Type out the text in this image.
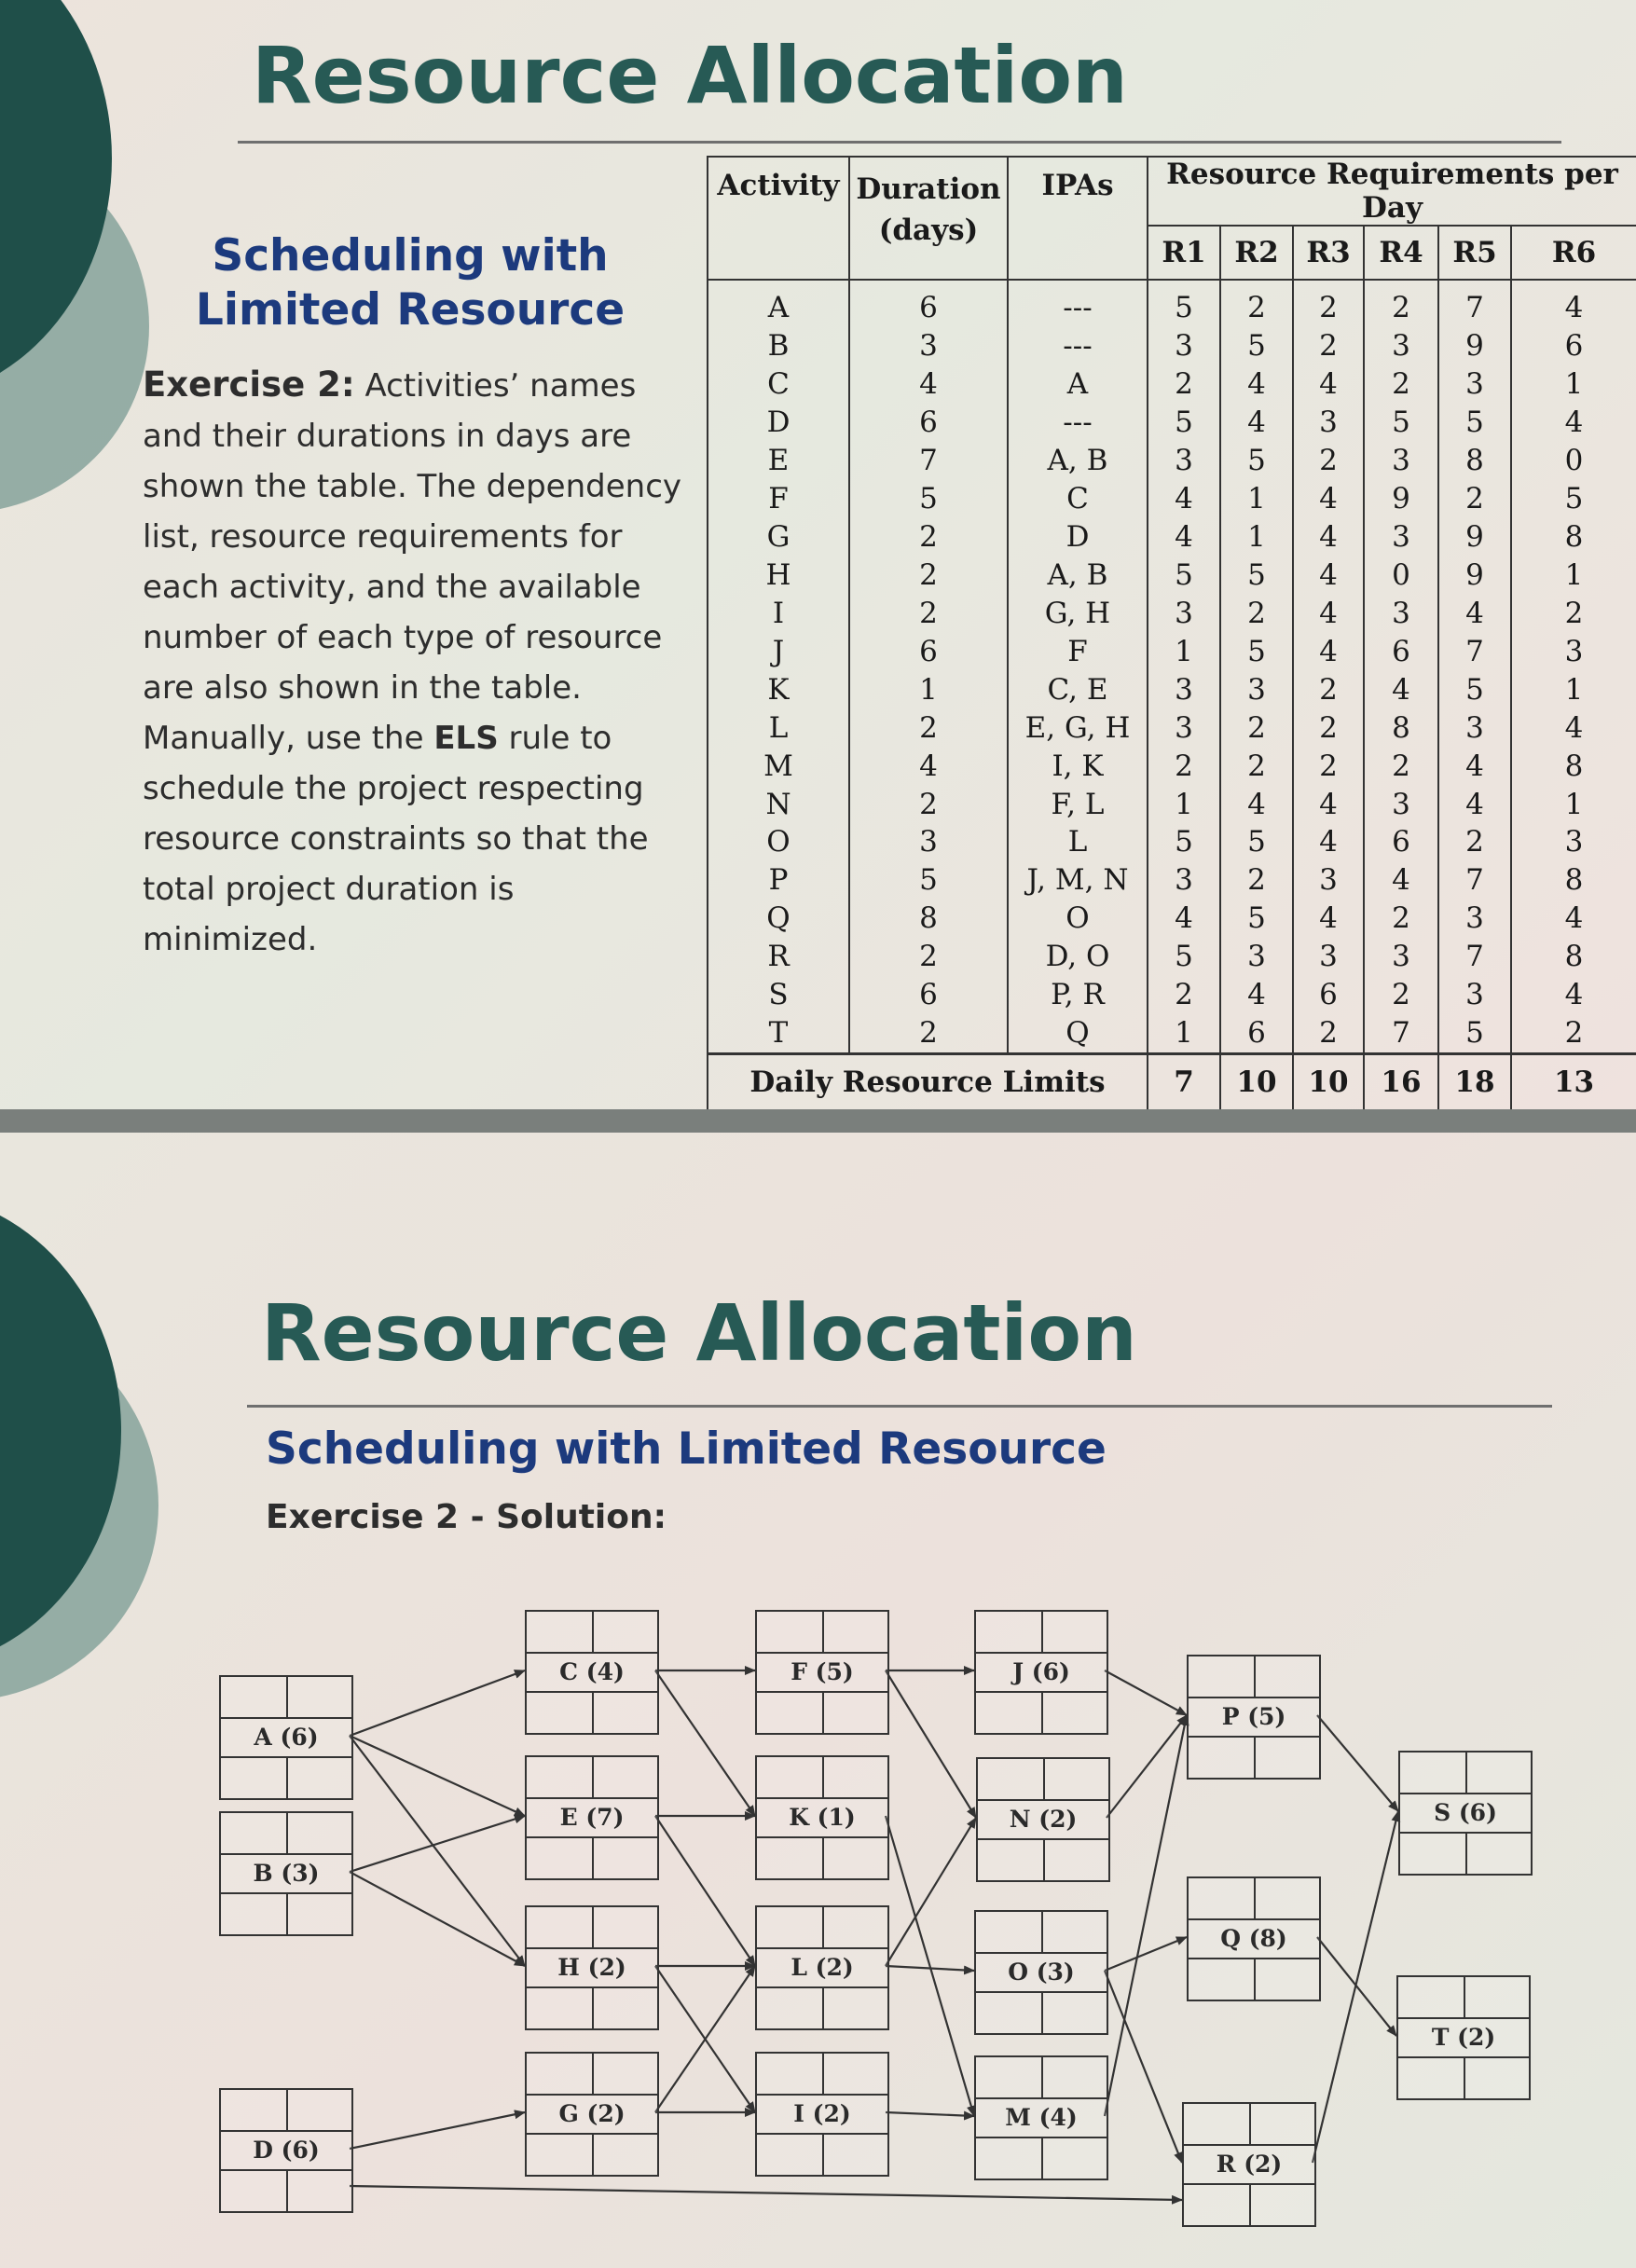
Resource Allocation
Scheduling with
Limited Resource
Exercise 2: Activities’ names and their durations in days are shown the table. The dependency list, resource requirements for each activity, and the available number of each type of resource are also shown in the table. Manually, use the ELS rule to schedule the project respecting resource constraints so that the total project duration is minimized.
Activity	Duration (days)	IPAs	Resource Requirements per Day					
			R1	R2	R3	R4	R5	R6
A	6	---	5	2	2	2	7	4
B	3	---	3	5	2	3	9	6
C	4	A	2	4	4	2	3	1
D	6	---	5	4	3	5	5	4
E	7	A, B	3	5	2	3	8	0
F	5	C	4	1	4	9	2	5
G	2	D	4	1	4	3	9	8
H	2	A, B	5	5	4	0	9	1
I	2	G, H	3	2	4	3	4	2
J	6	F	1	5	4	6	7	3
K	1	C, E	3	3	2	4	5	1
L	2	E, G, H	3	2	2	8	3	4
M	4	I, K	2	2	2	2	4	8
N	2	F, L	1	4	4	3	4	1
O	3	L	5	5	4	6	2	3
P	5	J, M, N	3	2	3	4	7	8
Q	8	O	4	5	4	2	3	4
R	2	D, O	5	3	3	3	7	8
S	6	P, R	2	4	6	2	3	4
T	2	Q	1	6	2	7	5	2
Daily Resource Limits			7	10	10	16	18	13
Resource Allocation
Scheduling with Limited Resource
Exercise 2 - Solution:
A (6)
B (3)
D (6)
C (4)
E (7)
H (2)
G (2)
F (5)
K (1)
L (2)
I (2)
J (6)
N (2)
O (3)
M (4)
P (5)
Q (8)
R (2)
S (6)
T (2)
